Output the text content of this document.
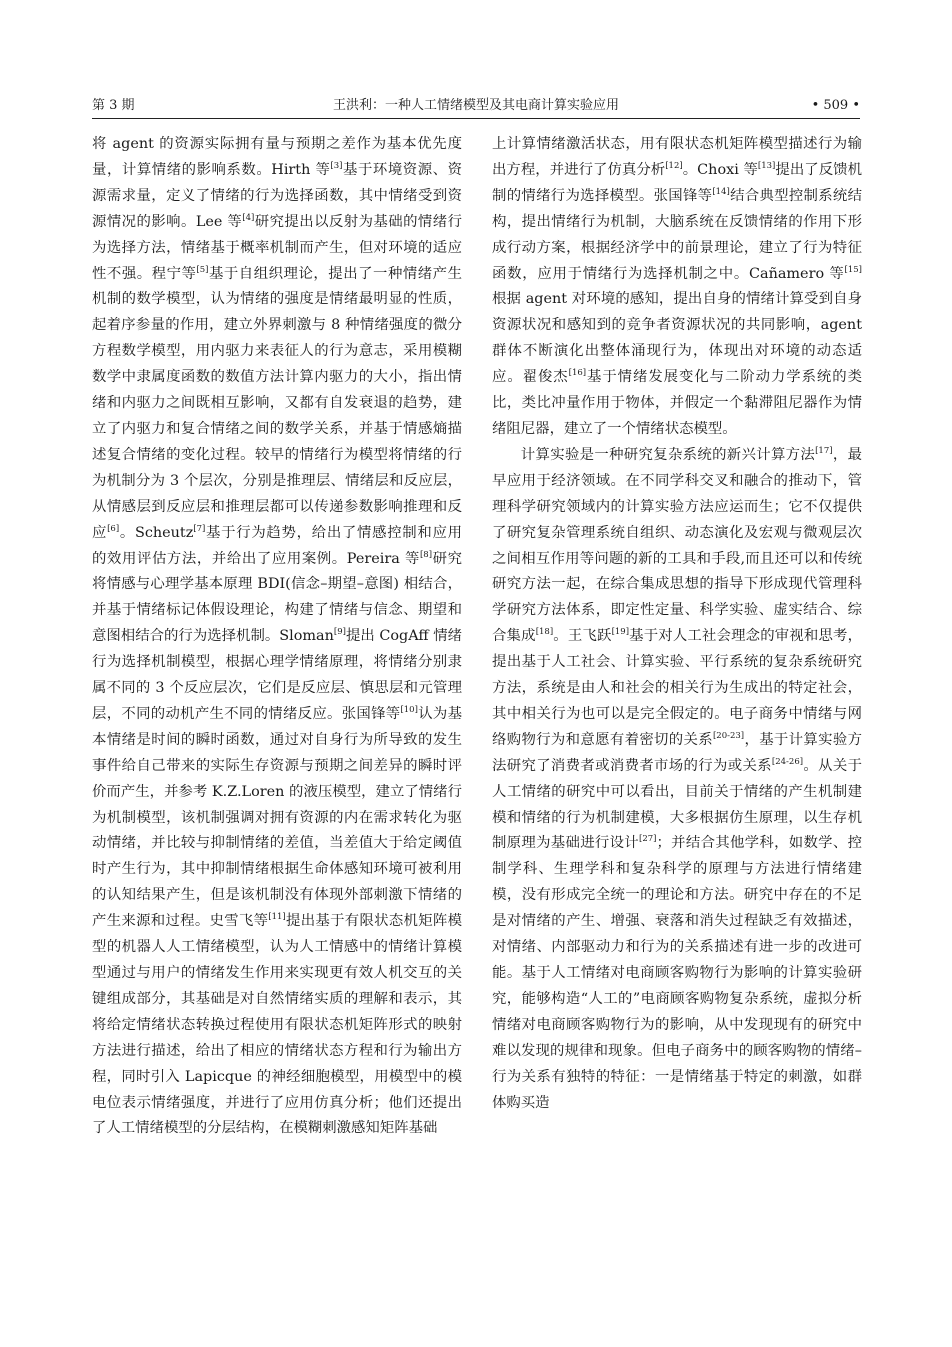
第 3 期	王洪利：一种人工情绪模型及其电商计算实验应用	• 509 •

将 agent 的资源实际拥有量与预期之差作为基本优先度量，计算情绪的影响系数。Hirth 等[3]基于环境资源、资源需求量，定义了情绪的行为选择函数，其中情绪受到资源情况的影响。Lee 等[4]研究提出以反射为基础的情绪行为选择方法，情绪基于概率机制而产生，但对环境的适应性不强。程宁等[5]基于自组织理论，提出了一种情绪产生机制的数学模型，认为情绪的强度是情绪最明显的性质，起着序参量的作用，建立外界刺激与 8 种情绪强度的微分方程数学模型，用内驱力来表征人的行为意志，采用模糊数学中隶属度函数的数值方法计算内驱力的大小，指出情绪和内驱力之间既相互影响，又都有自发衰退的趋势，建立了内驱力和复合情绪之间的数学关系，并基于情感熵描述复合情绪的变化过程。较早的情绪行为模型将情绪的行为机制分为 3 个层次，分别是推理层、情绪层和反应层，从情感层到反应层和推理层都可以传递参数影响推理和反应[6]。Scheutz[7]基于行为趋势，给出了情感控制和应用的效用评估方法，并给出了应用案例。Pereira 等[8]研究将情感与心理学基本原理 BDI(信念–期望–意图) 相结合，并基于情绪标记体假设理论，构建了情绪与信念、期望和意图相结合的行为选择机制。Sloman[9]提出 CogAff 情绪行为选择机制模型，根据心理学情绪原理，将情绪分别隶属不同的 3 个反应层次，它们是反应层、慎思层和元管理层，不同的动机产生不同的情绪反应。张国锋等[10]认为基本情绪是时间的瞬时函数，通过对自身行为所导致的发生事件给自己带来的实际生存资源与预期之间差异的瞬时评价而产生，并参考 K.Z.Loren 的液压模型，建立了情绪行为机制模型，该机制强调对拥有资源的内在需求转化为驱动情绪，并比较与抑制情绪的差值，当差值大于给定阈值时产生行为，其中抑制情绪根据生命体感知环境可被利用的认知结果产生，但是该机制没有体现外部刺激下情绪的产生来源和过程。史雪飞等[11]提出基于有限状态机矩阵模型的机器人人工情绪模型，认为人工情感中的情绪计算模型通过与用户的情绪发生作用来实现更有效人机交互的关键组成部分，其基础是对自然情绪实质的理解和表示，其将给定情绪状态转换过程使用有限状态机矩阵形式的映射方法进行描述，给出了相应的情绪状态方程和行为输出方程，同时引入 Lapicque 的神经细胞模型，用模型中的模电位表示情绪强度，并进行了应用仿真分析；他们还提出了人工情绪模型的分层结构，在模糊刺激感知矩阵基础

上计算情绪激活状态，用有限状态机矩阵模型描述行为输出方程，并进行了仿真分析[12]。Choxi 等[13]提出了反馈机制的情绪行为选择模型。张国锋等[14]结合典型控制系统结构，提出情绪行为机制，大脑系统在反馈情绪的作用下形成行动方案，根据经济学中的前景理论，建立了行为特征函数，应用于情绪行为选择机制之中。Cañamero 等[15]根据 agent 对环境的感知，提出自身的情绪计算受到自身资源状况和感知到的竞争者资源状况的共同影响，agent 群体不断演化出整体涌现行为，体现出对环境的动态适应。翟俊杰[16]基于情绪发展变化与二阶动力学系统的类比，类比冲量作用于物体，并假定一个黏滞阻尼器作为情绪阻尼器，建立了一个情绪状态模型。

计算实验是一种研究复杂系统的新兴计算方法[17]，最早应用于经济领域。在不同学科交叉和融合的推动下，管理科学研究领域内的计算实验方法应运而生；它不仅提供了研究复杂管理系统自组织、动态演化及宏观与微观层次之间相互作用等问题的新的工具和手段,而且还可以和传统研究方法一起，在综合集成思想的指导下形成现代管理科学研究方法体系，即定性定量、科学实验、虚实结合、综合集成[18]。王飞跃[19]基于对人工社会理念的审视和思考，提出基于人工社会、计算实验、平行系统的复杂系统研究方法，系统是由人和社会的相关行为生成出的特定社会，其中相关行为也可以是完全假定的。电子商务中情绪与网络购物行为和意愿有着密切的关系[20-23]，基于计算实验方法研究了消费者或消费者市场的行为或关系[24-26]。从关于人工情绪的研究中可以看出，目前关于情绪的产生机制建模和情绪的行为机制建模，大多根据仿生原理，以生存机制原理为基础进行设计[27]；并结合其他学科，如数学、控制学科、生理学科和复杂科学的原理与方法进行情绪建模，没有形成完全统一的理论和方法。研究中存在的不足是对情绪的产生、增强、衰落和消失过程缺乏有效描述，对情绪、内部驱动力和行为的关系描述有进一步的改进可能。基于人工情绪对电商顾客购物行为影响的计算实验研究，能够构造“人工的”电商顾客购物复杂系统，虚拟分析情绪对电商顾客购物行为的影响，从中发现现有的研究中难以发现的规律和现象。但电子商务中的顾客购物的情绪–行为关系有独特的特征：一是情绪基于特定的刺激，如群体购买造
